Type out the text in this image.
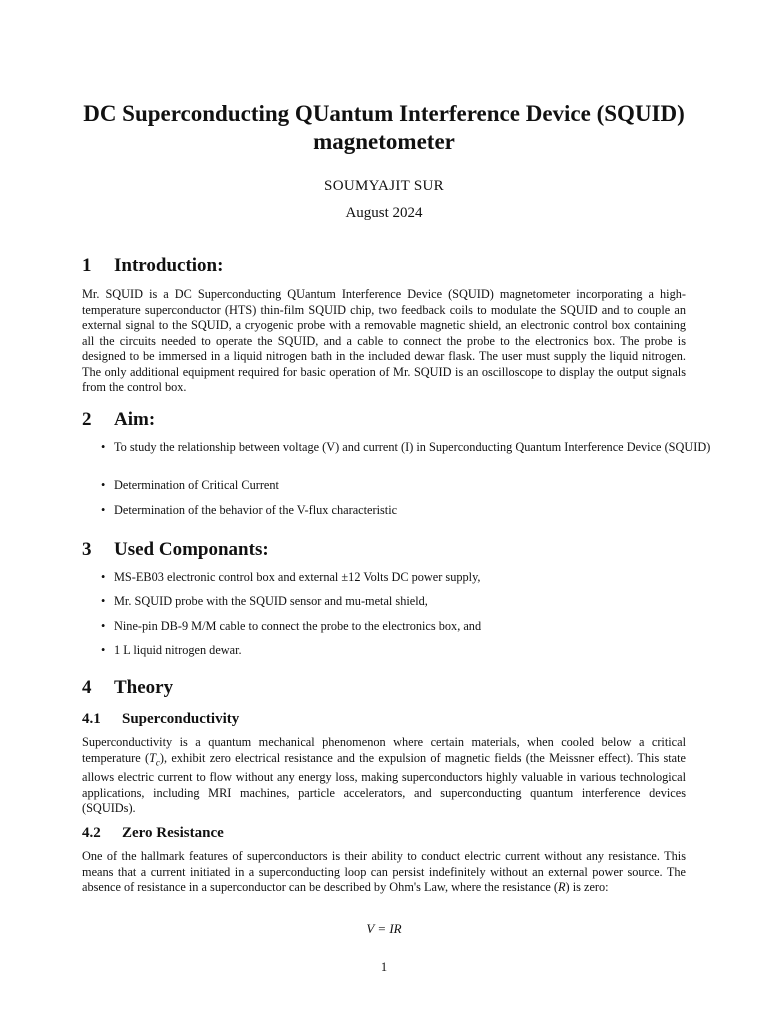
DC Superconducting QUantum Interference Device (SQUID) magnetometer
SOUMYAJIT SUR
August 2024
1 Introduction:

Mr. SQUID is a DC Superconducting QUantum Interference Device (SQUID) magnetometer incorporating a high-temperature superconductor (HTS) thin-film SQUID chip, two feedback coils to modulate the SQUID and to couple an external signal to the SQUID, a cryogenic probe with a removable magnetic shield, an electronic control box containing all the circuits needed to operate the SQUID, and a cable to connect the probe to the electronics box. The probe is designed to be immersed in a liquid nitrogen bath in the included dewar flask. The user must supply the liquid nitrogen. The only additional equipment required for basic operation of Mr. SQUID is an oscilloscope to display the output signals from the control box.

2 Aim:
• To study the relationship between voltage (V) and current (I) in Superconducting Quantum Interference Device (SQUID)
• Determination of Critical Current
• Determination of the behavior of the V-flux characteristic
3 Used Componants:
• MS-EB03 electronic control box and external ±12 Volts DC power supply,
• Mr. SQUID probe with the SQUID sensor and mu-metal shield,
• Nine-pin DB-9 M/M cable to connect the probe to the electronics box, and
• 1 L liquid nitrogen dewar.
4 Theory
4.1 Superconductivity

Superconductivity is a quantum mechanical phenomenon where certain materials, when cooled below a critical temperature $(T_c)$, exhibit zero electrical resistance and the expulsion of magnetic fields (the Meissner effect). This state allows electric current to flow without any energy loss, making superconductors highly valuable in various technological applications, including MRI machines, particle accelerators, and superconducting quantum interference devices (SQUIDs).

4.2 Zero Resistance

One of the hallmark features of superconductors is their ability to conduct electric current without any resistance. This means that a current initiated in a superconducting loop can persist indefinitely without an external power source. The absence of resistance in a superconductor can be described by Ohm's Law, where the resistance (R) is zero:

V = IR
1
